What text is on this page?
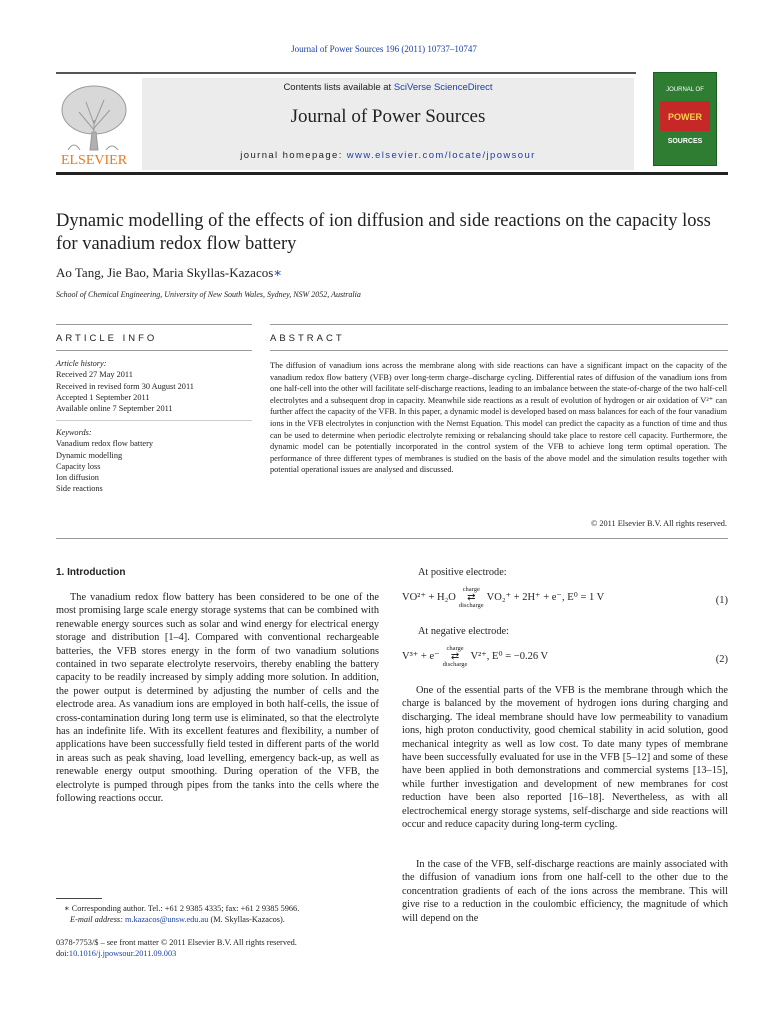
Journal of Power Sources 196 (2011) 10737–10747
ELSEVIER
Contents lists available at SciVerse ScienceDirect
Journal of Power Sources
journal homepage: www.elsevier.com/locate/jpowsour
POWER
SOURCES
JOURNAL OF
Dynamic modelling of the effects of ion diffusion and side reactions on the capacity loss for vanadium redox flow battery
Ao Tang, Jie Bao, Maria Skyllas-Kazacos∗
School of Chemical Engineering, University of New South Wales, Sydney, NSW 2052, Australia
ARTICLE INFO
Article history:
Received 27 May 2011
Received in revised form 30 August 2011
Accepted 1 September 2011
Available online 7 September 2011
Keywords:
Vanadium redox flow battery
Dynamic modelling
Capacity loss
Ion diffusion
Side reactions
ABSTRACT
The diffusion of vanadium ions across the membrane along with side reactions can have a significant impact on the capacity of the vanadium redox flow battery (VFB) over long-term charge–discharge cycling. Differential rates of diffusion of the vanadium ions from one half-cell into the other will facilitate self-discharge reactions, leading to an imbalance between the state-of-charge of the two half-cell electrolytes and a subsequent drop in capacity. Meanwhile side reactions as a result of evolution of hydrogen or air oxidation of V²⁺ can further affect the capacity of the VFB. In this paper, a dynamic model is developed based on mass balances for each of the four vanadium ions in the VFB electrolytes in conjunction with the Nernst Equation. This model can predict the capacity as a function of time and thus can be used to determine when periodic electrolyte remixing or rebalancing should take place to restore cell capacity. Furthermore, the dynamic model can be potentially incorporated in the control system of the VFB to achieve long term optimal operation. The performance of three different types of membranes is studied on the basis of the above model and the simulation results together with potential operational issues are analysed and discussed.
© 2011 Elsevier B.V. All rights reserved.
1. Introduction
The vanadium redox flow battery has been considered to be one of the most promising large scale energy storage systems that can be combined with renewable energy sources such as solar and wind energy for electrical energy storage and distribution [1–4]. Compared with conventional rechargeable batteries, the VFB stores energy in the form of two vanadium solutions contained in two separate electrolyte reservoirs, thereby enabling the battery capacity to be readily increased by simply adding more solution. In addition, the power output is determined by adjusting the number of cells and the electrode area. As vanadium ions are employed in both half-cells, the issue of cross-contamination during long term use is eliminated, so that the electrolyte has an indefinite life. With its excellent features and flexibility, a number of applications have been successfully field tested in different parts of the world in areas such as peak shaving, load levelling, emergency back-up, as well as renewable energy output smoothing. During operation of the VFB, the electrolyte is pumped through pipes from the tanks into the cells where the following reactions occur.
At positive electrode:
VO²⁺ + H₂O
charge
⇄
discharge
VO₂⁺ + 2H⁺ + e⁻, E⁰ = 1 V	(1)
At negative electrode:
V³⁺ + e⁻
charge
⇄
discharge
V²⁺, E⁰ = −0.26 V	(2)
One of the essential parts of the VFB is the membrane through which the charge is balanced by the movement of hydrogen ions during charging and discharging. The ideal membrane should have low permeability to vanadium ions, high proton conductivity, good chemical stability in acid solution, good mechanical integrity as well as low cost. To date many types of membrane have been successfully evaluated for use in the VFB [5–12] and some of these have been applied in both demonstrations and commercial systems [13–15], while further investigation and development of new membranes for cost reduction have been also reported [16–18]. Nevertheless, as with all electrochemical energy storage systems, self-discharge and side reactions will occur and reduce capacity during long-term cycling.
In the case of the VFB, self-discharge reactions are mainly associated with the diffusion of vanadium ions from one half-cell to the other due to the concentration gradients of each of the ions across the membrane. This will give rise to a reduction in the coulombic efficiency, the magnitude of which will depend on the
∗ Corresponding author. Tel.: +61 2 9385 4335; fax: +61 2 9385 5966.
E-mail address: m.kazacos@unsw.edu.au (M. Skyllas-Kazacos).
0378-7753/$ – see front matter © 2011 Elsevier B.V. All rights reserved.
doi:10.1016/j.jpowsour.2011.09.003
